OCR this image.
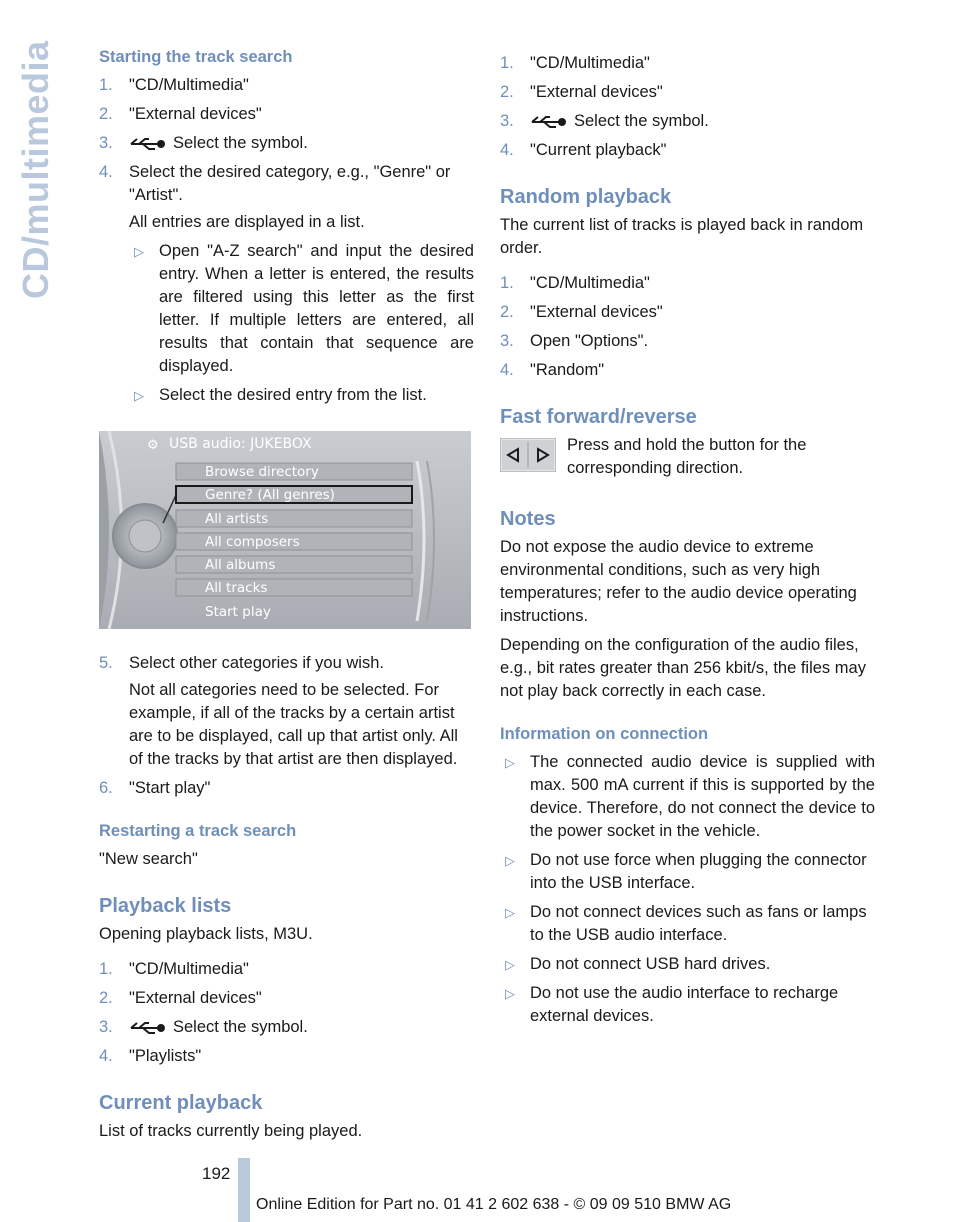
CD/multimedia	Starting the track search
1. "CD/Multimedia"
2. "External devices"
3.	Select the symbol.
4. Select the desired category, e.g., "Genre" or "Artist".

All entries are displayed in a list.

▷ Open "A-Z search" and input the desired entry. When a letter is entered, the results are filtered using this letter as the first letter. If multiple letters are entered, all results that contain that sequence are displayed.
▷ Select the desired entry from the list.
⚙ USB audio: JUKEBOX
Browse directory
Genre? (All genres)
All artists
All composers
All albums
All tracks
Start play
5. Select other categories if you wish.

Not all categories need to be selected. For example, if all of the tracks by a certain artist are to be displayed, call up that artist only. All of the tracks by that artist are then displayed.

6. "Start play"
Restarting a track search

"New search"

Playback lists

Opening playback lists, M3U.

1. "CD/Multimedia"
2. "External devices"
3.	Select the symbol.
4. "Playlists"
Current playback

List of tracks currently being played.

1. "CD/Multimedia"
2. "External devices"
3.	Select the symbol.
4. "Current playback"
Random playback

The current list of tracks is played back in random order.

1. "CD/Multimedia"
2. "External devices"
3. Open "Options".
4. "Random"
Fast forward/reverse

Press and hold the button for the corresponding direction.

Notes

Do not expose the audio device to extreme environmental conditions, such as very high temperatures; refer to the audio device operating instructions.

Depending on the configuration of the audio files, e.g., bit rates greater than 256 kbit/s, the files may not play back correctly in each case.

Information on connection
▷ The connected audio device is supplied with max. 500 mA current if this is supported by the device. Therefore, do not connect the device to the power socket in the vehicle.
▷ Do not use force when plugging the connector into the USB interface.
▷ Do not connect devices such as fans or lamps to the USB audio interface.
▷ Do not connect USB hard drives.
▷ Do not use the audio interface to recharge external devices.
192
Online Edition for Part no. 01 41 2 602 638 - © 09 09 510 BMW AG
